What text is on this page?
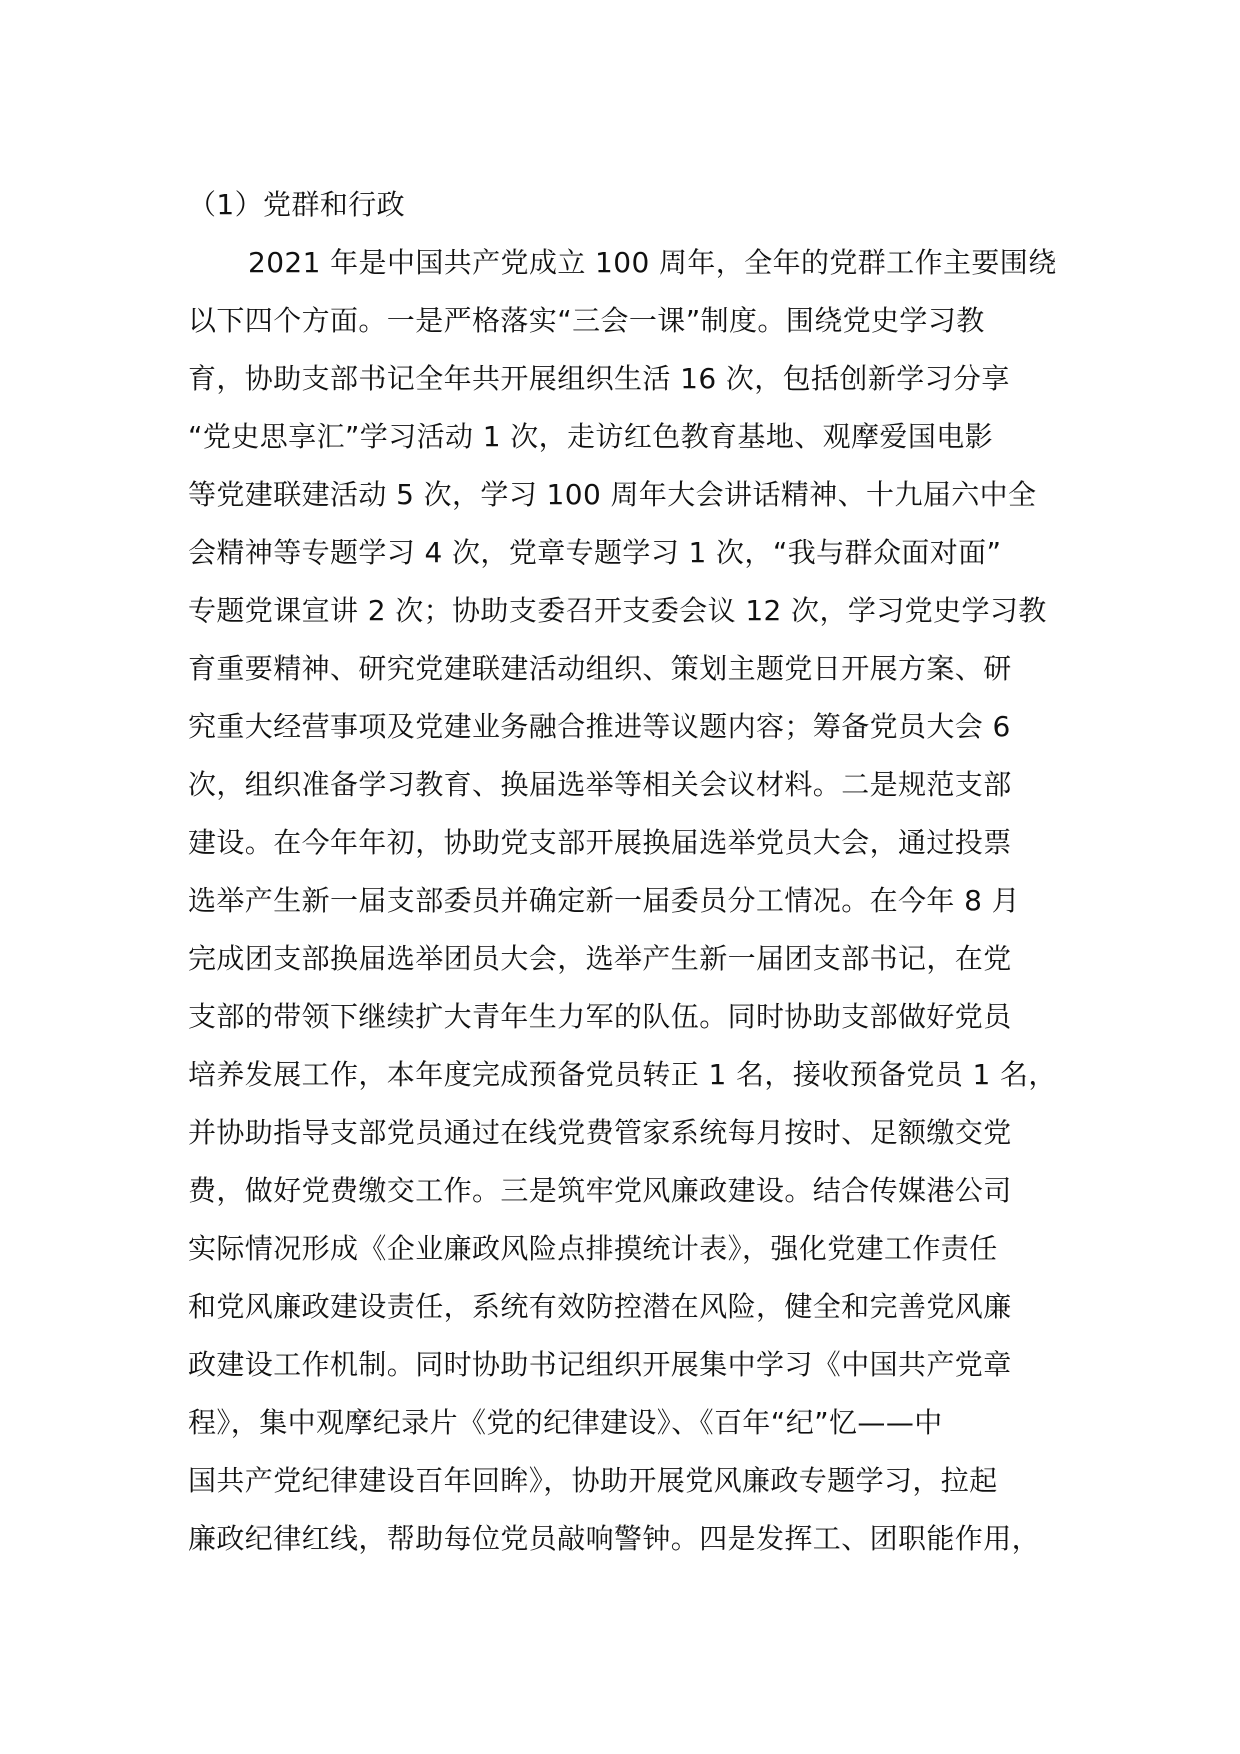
（1）党群和行政
2021 年是中国共产党成立 100 周年，全年的党群工作主要围绕
以下四个方面。一是严格落实“三会一课”制度。围绕党史学习教
育，协助支部书记全年共开展组织生活 16 次，包括创新学习分享
“党史思享汇”学习活动 1 次，走访红色教育基地、观摩爱国电影
等党建联建活动 5 次，学习 100 周年大会讲话精神、十九届六中全
会精神等专题学习 4 次，党章专题学习 1 次，“我与群众面对面”
专题党课宣讲 2 次；协助支委召开支委会议 12 次，学习党史学习教
育重要精神、研究党建联建活动组织、策划主题党日开展方案、研
究重大经营事项及党建业务融合推进等议题内容；筹备党员大会 6
次，组织准备学习教育、换届选举等相关会议材料。二是规范支部
建设。在今年年初，协助党支部开展换届选举党员大会，通过投票
选举产生新一届支部委员并确定新一届委员分工情况。在今年 8 月
完成团支部换届选举团员大会，选举产生新一届团支部书记，在党
支部的带领下继续扩大青年生力军的队伍。同时协助支部做好党员
培养发展工作，本年度完成预备党员转正 1 名，接收预备党员 1 名，
并协助指导支部党员通过在线党费管家系统每月按时、足额缴交党
费，做好党费缴交工作。三是筑牢党风廉政建设。结合传媒港公司
实际情况形成《企业廉政风险点排摸统计表》，强化党建工作责任
和党风廉政建设责任，系统有效防控潜在风险，健全和完善党风廉
政建设工作机制。同时协助书记组织开展集中学习《中国共产党章
程》，集中观摩纪录片《党的纪律建设》、《百年“纪”忆——中
国共产党纪律建设百年回眸》，协助开展党风廉政专题学习，拉起
廉政纪律红线，帮助每位党员敲响警钟。四是发挥工、团职能作用，
